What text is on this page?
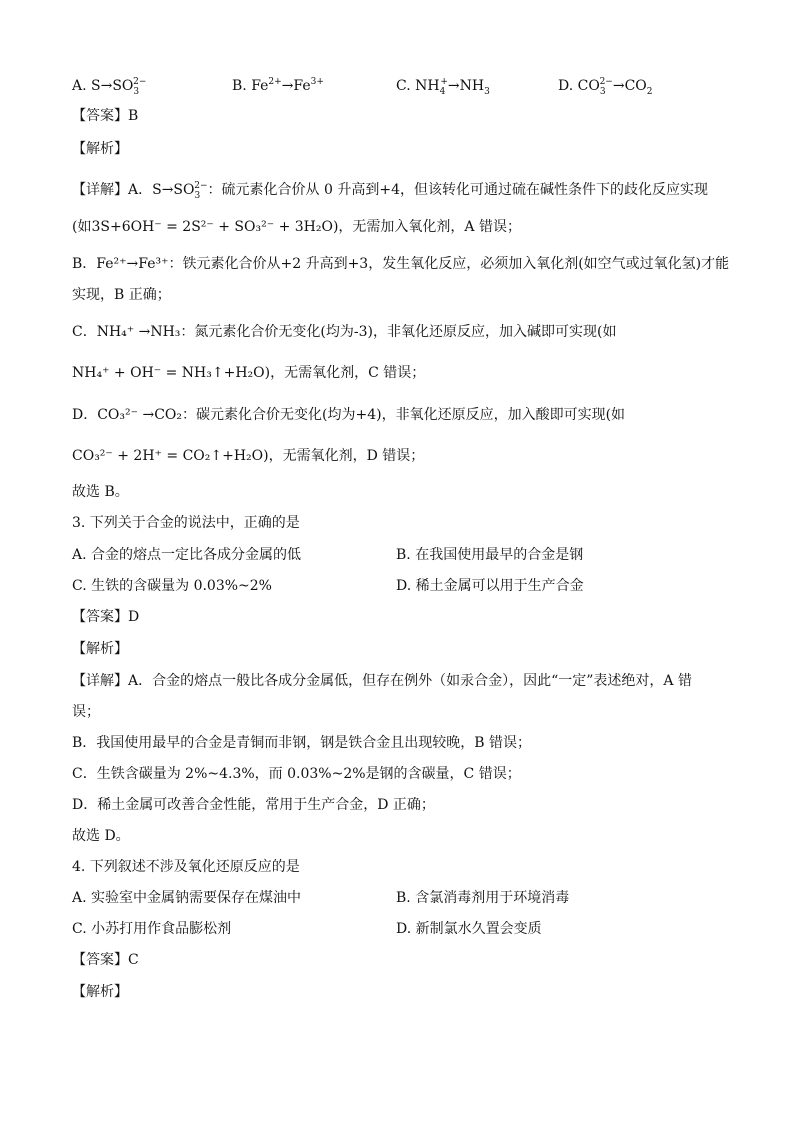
A. $S\to SO_3^{2-}$	B. $Fe^{2+}\to Fe^{3+}$	C. $NH_4^+\to NH_3$	D. $CO_3^{2-}\to CO_2$
【答案】B
【解析】
【详解】A．$S\to SO_3^{2-}$：硫元素化合价从 0 升高到+4，但该转化可通过硫在碱性条件下的歧化反应实现
(如3S+6OH⁻ = 2S²⁻ + SO₃²⁻ + 3H₂O)，无需加入氧化剂，A 错误；
B．Fe²⁺→Fe³⁺：铁元素化合价从+2 升高到+3，发生氧化反应，必须加入氧化剂(如空气或过氧化氢)才能
实现，B 正确；
C．NH₄⁺ →NH₃：氮元素化合价无变化(均为-3)，非氧化还原反应，加入碱即可实现(如
NH₄⁺ + OH⁻ = NH₃↑+H₂O)，无需氧化剂，C 错误；
D．CO₃²⁻ →CO₂：碳元素化合价无变化(均为+4)，非氧化还原反应，加入酸即可实现(如
CO₃²⁻ + 2H⁺ = CO₂↑+H₂O)，无需氧化剂，D 错误；
故选 B。
3. 下列关于合金的说法中，正确的是
A. 合金的熔点一定比各成分金属的低	B. 在我国使用最早的合金是钢
C. 生铁的含碳量为 0.03%~2%	D. 稀土金属可以用于生产合金
【答案】D
【解析】
【详解】A．合金的熔点一般比各成分金属低，但存在例外（如汞合金），因此“一定”表述绝对，A 错
误；
B．我国使用最早的合金是青铜而非钢，钢是铁合金且出现较晚，B 错误；
C．生铁含碳量为 2%~4.3%，而 0.03%~2%是钢的含碳量，C 错误；
D．稀土金属可改善合金性能，常用于生产合金，D 正确；
故选 D。
4. 下列叙述不涉及氧化还原反应的是
A. 实验室中金属钠需要保存在煤油中	B. 含氯消毒剂用于环境消毒
C. 小苏打用作食品膨松剂	D. 新制氯水久置会变质
【答案】C
【解析】
